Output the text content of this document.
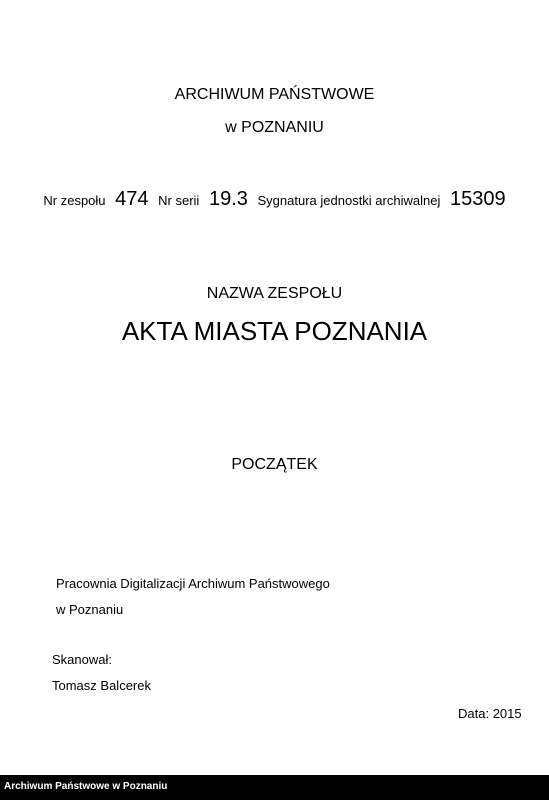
ARCHIWUM PAŃSTWOWE
w POZNANIU
Nr zespołu 474 Nr serii 19.3 Sygnatura jednostki archiwalnej 15309
NAZWA ZESPOŁU
AKTA MIASTA POZNANIA
POCZĄTEK
Pracownia Digitalizacji Archiwum Państwowego
w Poznaniu
Skanował:
Tomasz Balcerek
Data: 2015
Archiwum Państwowe w Poznaniu
